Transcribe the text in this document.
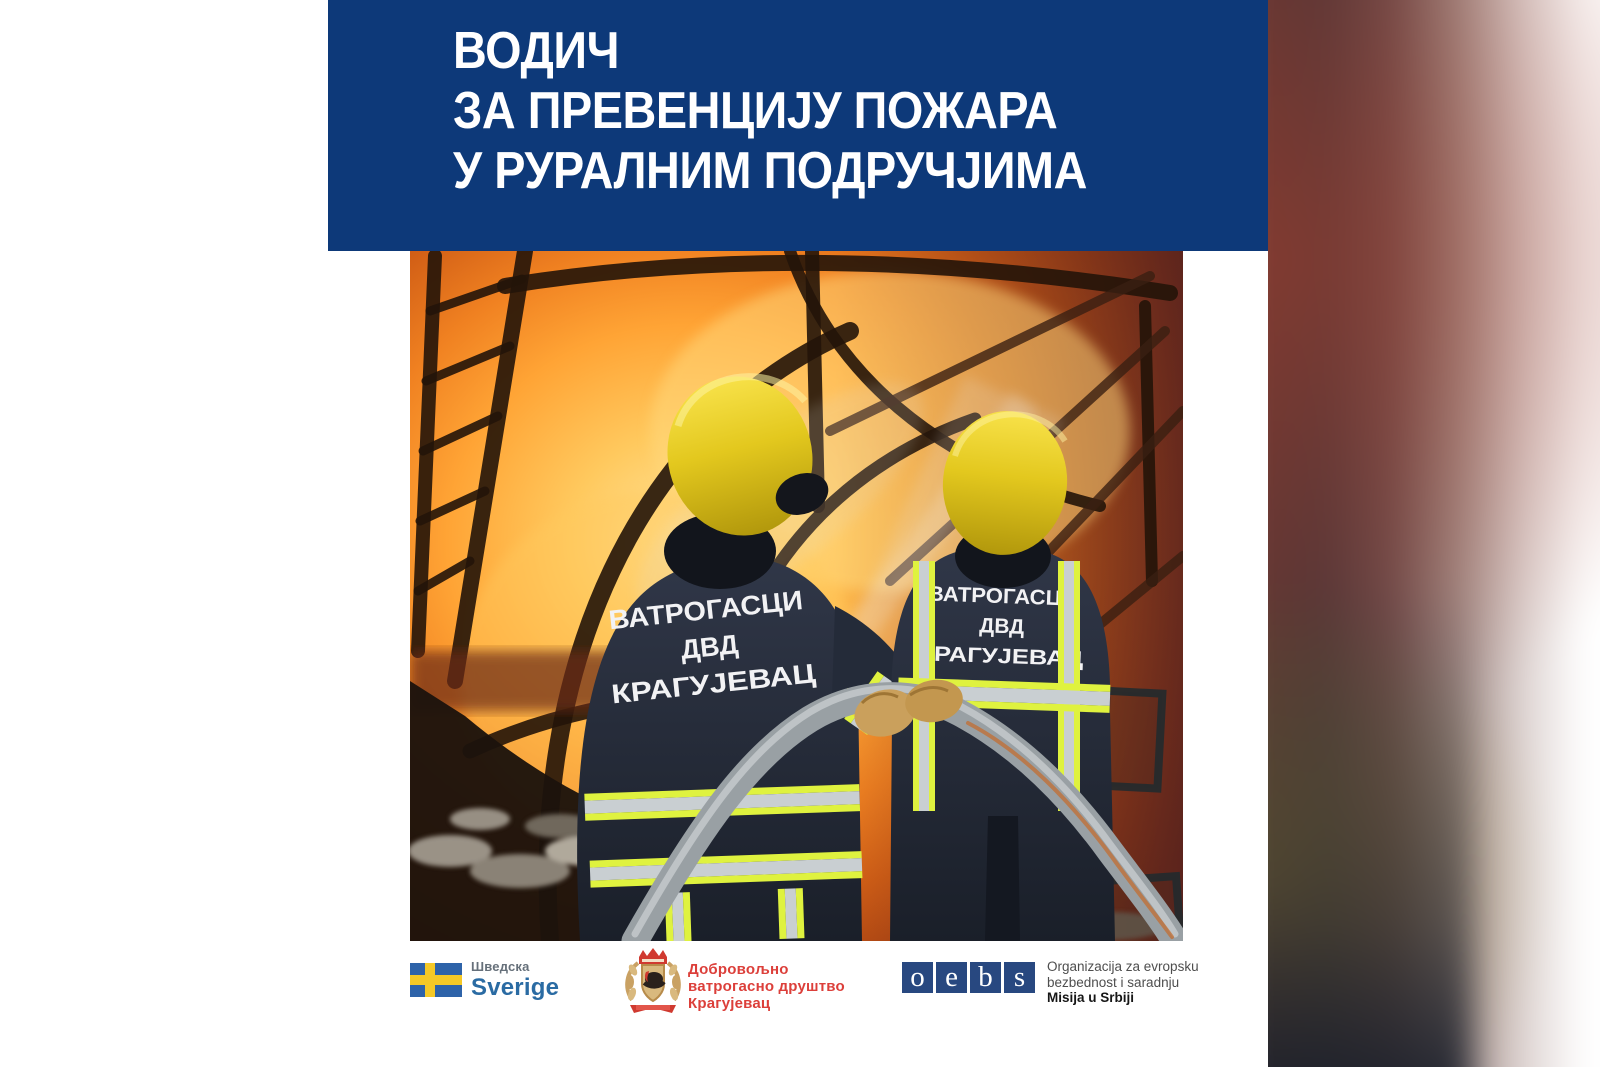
ВОДИЧ
ЗА ПРЕВЕНЦИЈУ ПОЖАРА
У РУРАЛНИМ ПОДРУЧЈИМА
ВАТРОГАСЦИ
ДВД
КРАГУЈЕВАЦ
ВАТРОГАСЦИ
ДВД
КРАГУЈЕВАЦ
Шведска
Sverige
Добровољно
ватрогасно друштво
Крагујевац
o e b s	Organizacija za evropsku
bezbednost i saradnju
Misija u Srbiji
